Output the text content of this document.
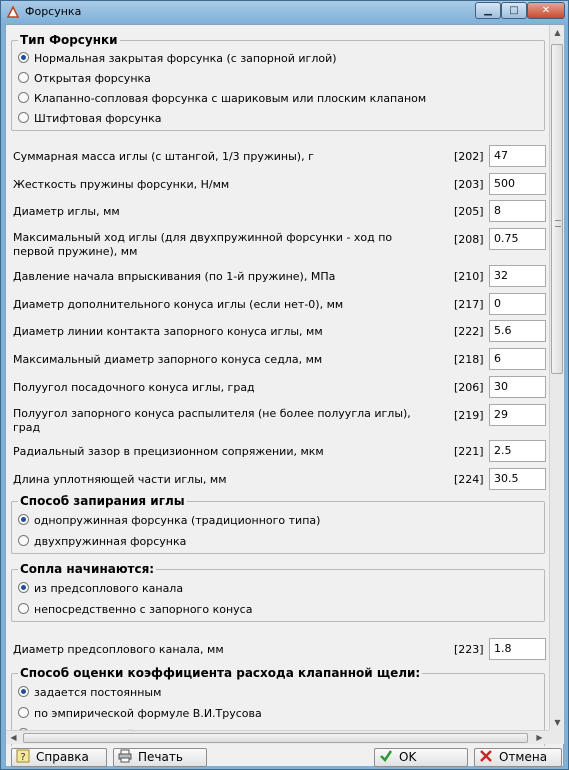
Форсунка	▁	□	✕
Тип Форсунки
Нормальная закрытая форсунка (с запорной иглой)
Открытая форсунка
Клапанно-сопловая форсунка с шариковым или плоским клапаном
Штифтовая форсунка
Суммарная масса иглы (с штангой, 1/3 пружины), г	[202] 47
Жесткость пружины форсунки, Н/мм	[203] 500
Диаметр иглы, мм	[205] 8
Максимальный ход иглы (для двухпружинной форсунки - ход по первой пружине), мм
[208] 0.75
Давление начала впрыскивания (по 1-й пружине), МПа	[210] 32
Диаметр дополнительного конуса иглы (если нет-0), мм	[217] 0
Диаметр линии контакта запорного конуса иглы, мм	[222] 5.6
Максимальный диаметр запорного конуса седла, мм	[218] 6
Полуугол посадочного конуса иглы, град	[206] 30
Полуугол запорного конуса распылителя (не более полуугла иглы), град
[219] 29
Радиальный зазор в прецизионном сопряжении, мкм	[221] 2.5
Длина уплотняющей части иглы, мм	[224] 30.5
Способ запирания иглы
однопружинная форсунка (традиционного типа)
двухпружинная форсунка
Сопла начинаются:
из предсоплового канала
непосредственно с запорного конуса
Диаметр предсоплового канала, мм	[223] 1.8
Способ оценки коэффициента расхода клапанной щели:
задается постоянным
по эмпирической формуле В.И.Трусова
▲
▼
◀	▶
? Справка	Печать	OK	Отмена
